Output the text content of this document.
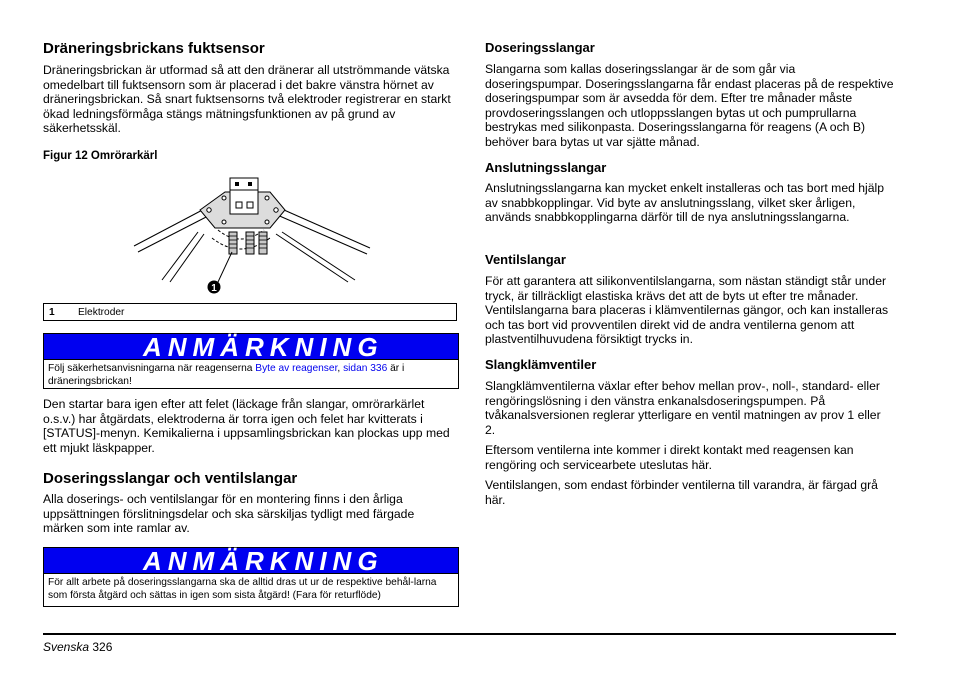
Dräneringsbrickans fuktsensor

Dräneringsbrickan är utformad så att den dränerar all utströmmande vätska omedelbart till fuktsensorn som är placerad i det bakre vänstra hörnet av dräneringsbrickan. Så snart fuktsensorns två elektroder registrerar en starkt ökad ledningsförmåga stängs mätningsfunktionen av på grund av säkerhetsskäl.

Figur 12 Omrörarkärl
1
1 Elektroder
ANMÄRKNING
Följ säkerhetsanvisningarna när reagenserna Byte av reagenser, sidan 336 är i dräneringsbrickan!

Den startar bara igen efter att felet (läckage från slangar, omrörarkärlet o.s.v.) har åtgärdats, elektroderna är torra igen och felet har kvitterats i [STATUS]-menyn. Kemikalierna i uppsamlingsbrickan kan plockas upp med ett mjukt läskpapper.

Doseringsslangar och ventilslangar

Alla doserings- och ventilslangar för en montering finns i den årliga uppsättningen förslitningsdelar och ska särskiljas tydligt med färgade märken som inte ramlar av.

ANMÄRKNING
För allt arbete på doseringsslangarna ska de alltid dras ut ur de respektive behål-larna som första åtgärd och sättas in igen som sista åtgärd! (Fara för returflöde)
Doseringsslangar

Slangarna som kallas doseringsslangar är de som går via doseringspumpar. Doseringsslangarna får endast placeras på de respektive doseringspumpar som är avsedda för dem. Efter tre månader måste provdoseringsslangen och utloppsslangen bytas ut och pumprullarna bestrykas med silikonpasta. Doseringsslangarna för reagens (A och B) behöver bara bytas ut var sjätte månad.

Anslutningsslangar

Anslutningsslangarna kan mycket enkelt installeras och tas bort med hjälp av snabbkopplingar. Vid byte av anslutningsslang, vilket sker årligen, används snabbkopplingarna därför till de nya anslutningsslangarna.

Ventilslangar

För att garantera att silikonventilslangarna, som nästan ständigt står under tryck, är tillräckligt elastiska krävs det att de byts ut efter tre månader. Ventilslangarna bara placeras i klämventilernas gängor, och kan installeras och tas bort vid provventilen direkt vid de andra ventilerna genom att plastventilhuvudena försiktigt trycks in.

Slangklämventiler

Slangklämventilerna växlar efter behov mellan prov-, noll-, standard- eller rengöringslösning i den vänstra enkanalsdoseringspumpen. På tvåkanalsversionen reglerar ytterligare en ventil matningen av prov 1 eller 2.

Eftersom ventilerna inte kommer i direkt kontakt med reagensen kan rengöring och servicearbete uteslutas här.

Ventilslangen, som endast förbinder ventilerna till varandra, är färgad grå här.

Svenska 326
